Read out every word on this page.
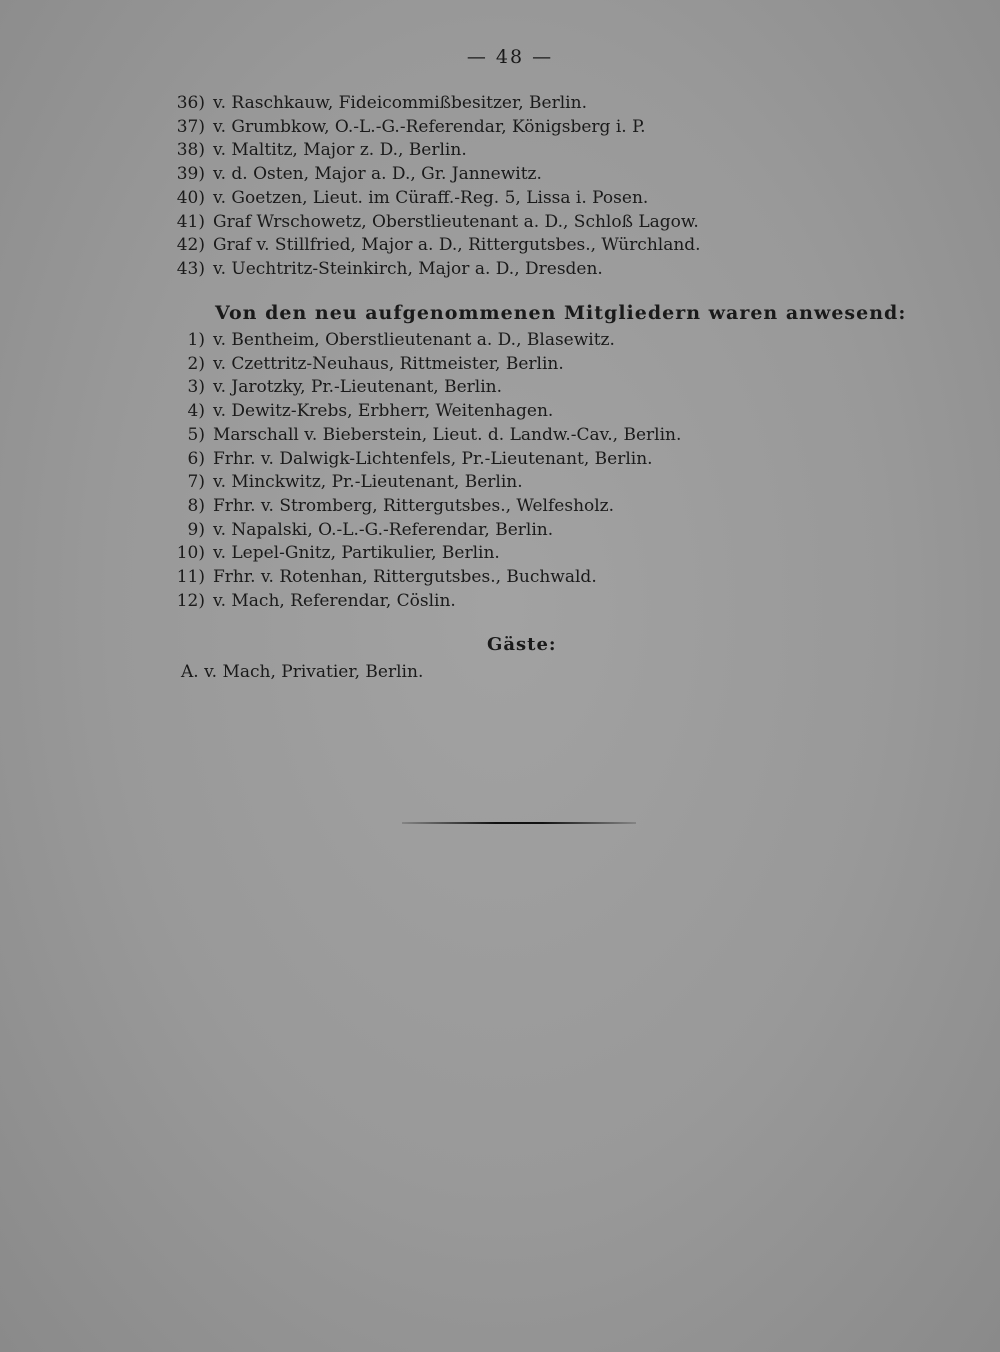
— 48 —
36) v. Raschkauw, Fideicommißbesitzer, Berlin.
37) v. Grumbkow, O.-L.-G.-Referendar, Königsberg i. P.
38) v. Maltitz, Major z. D., Berlin.
39) v. d. Osten, Major a. D., Gr. Jannewitz.
40) v. Goetzen, Lieut. im Cüraff.-Reg. 5, Lissa i. Posen.
41) Graf Wrschowetz, Oberstlieutenant a. D., Schloß Lagow.
42) Graf v. Stillfried, Major a. D., Rittergutsbes., Würchland.
43) v. Uechtritz-Steinkirch, Major a. D., Dresden.
Von den neu aufgenommenen Mitgliedern waren anwesend:
1) v. Bentheim, Oberstlieutenant a. D., Blasewitz.
2) v. Czettritz-Neuhaus, Rittmeister, Berlin.
3) v. Jarotzky, Pr.-Lieutenant, Berlin.
4) v. Dewitz-Krebs, Erbherr, Weitenhagen.
5) Marschall v. Bieberstein, Lieut. d. Landw.-Cav., Berlin.
6) Frhr. v. Dalwigk-Lichtenfels, Pr.-Lieutenant, Berlin.
7) v. Minckwitz, Pr.-Lieutenant, Berlin.
8) Frhr. v. Stromberg, Rittergutsbes., Welfesholz.
9) v. Napalski, O.-L.-G.-Referendar, Berlin.
10) v. Lepel-Gnitz, Partikulier, Berlin.
11) Frhr. v. Rotenhan, Rittergutsbes., Buchwald.
12) v. Mach, Referendar, Cöslin.
Gäste:
A. v. Mach, Privatier, Berlin.
